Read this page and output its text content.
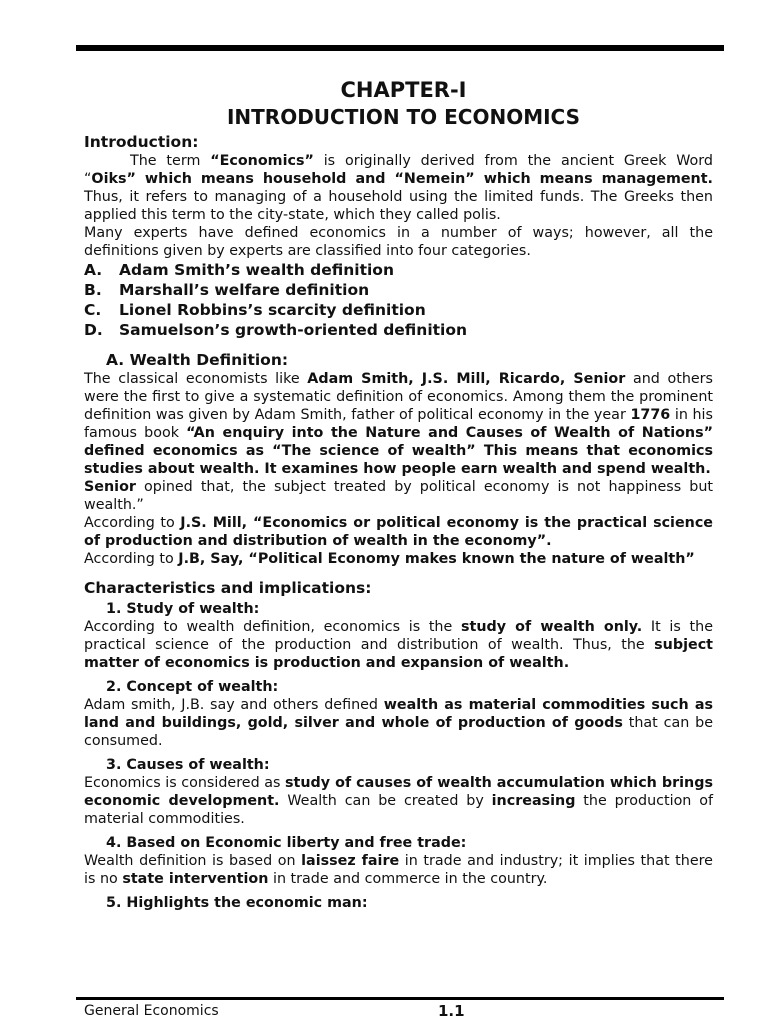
CHAPTER-I
INTRODUCTION TO ECONOMICS
Introduction:

The term “Economics” is originally derived from the ancient Greek Word “Oiks” which means household and “Nemein” which means management. Thus, it refers to managing of a household using the limited funds. The Greeks then applied this term to the city-state, which they called polis.

Many experts have defined economics in a number of ways; however, all the definitions given by experts are classified into four categories.

A. Adam Smith’s wealth definition
B. Marshall’s welfare definition
C. Lionel Robbins’s scarcity definition
D. Samuelson’s growth-oriented definition
A. Wealth Definition:

The classical economists like Adam Smith, J.S. Mill, Ricardo, Senior and others were the first to give a systematic definition of economics. Among them the prominent definition was given by Adam Smith, father of political economy in the year 1776 in his famous book “An enquiry into the Nature and Causes of Wealth of Nations” defined economics as “The science of wealth” This means that economics studies about wealth. It examines how people earn wealth and spend wealth.

Senior opined that, the subject treated by political economy is not happiness but wealth.”

According to J.S. Mill, “Economics or political economy is the practical science of production and distribution of wealth in the economy”.

According to J.B, Say, “Political Economy makes known the nature of wealth”

Characteristics and implications:
1. Study of wealth:

According to wealth definition, economics is the study of wealth only. It is the practical science of the production and distribution of wealth. Thus, the subject matter of economics is production and expansion of wealth.

2. Concept of wealth:

Adam smith, J.B. say and others defined wealth as material commodities such as land and buildings, gold, silver and whole of production of goods that can be consumed.

3. Causes of wealth:

Economics is considered as study of causes of wealth accumulation which brings economic development. Wealth can be created by increasing the production of material commodities.

4. Based on Economic liberty and free trade:

Wealth definition is based on laissez faire in trade and industry; it implies that there is no state intervention in trade and commerce in the country.

5. Highlights the economic man:
General Economics	1.1
